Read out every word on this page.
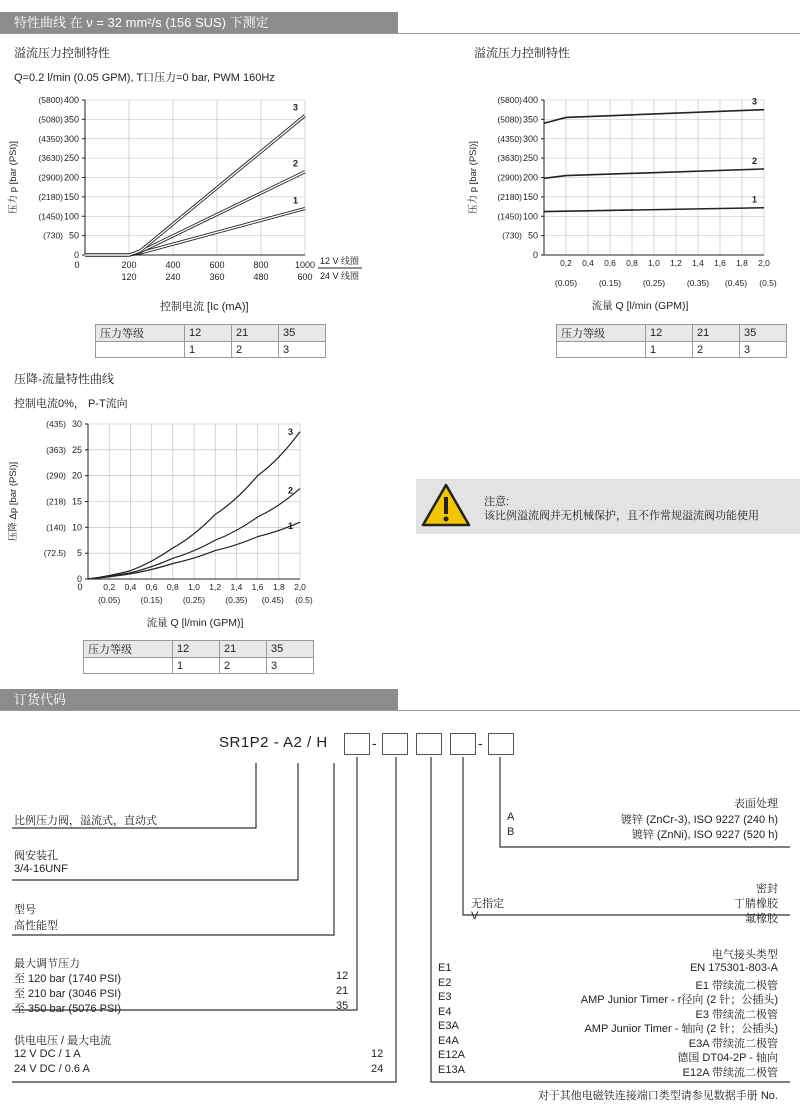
特性曲线 在 ν = 32 mm²/s (156 SUS) 下测定
溢流压力控制特性
Q=0.2 l/min (0.05 GPM), T口压力=0 bar, PWM 160Hz
0
50
100
150
200
250
300
350
400
(730)
(1450)
(2180)
(2900)
(3630)
(4350)
(5080)
(5800)
压力 p [bar (PSI)]	1
2
3
200	400	600	800	1000
120	240	360	480	600
0	12 V 线圈
24 V 线圈
控制电流 [Ic (mA)]
压力等级	12	21	35
	1	2	3
溢流压力控制特性
0
50
100
150
200
250
300
350
400
(730)
(1450)
(2180)
(2900)
(3630)
(4350)
(5080)
(5800)
压力 p [bar (PSI)]	1
2
3
0,2 0,4 0,6 0,8 1,0 1,2 1,4 1,6 1,8 2,0
(0.05)	(0.15)	(0.25)	(0.35) (0.45) (0.5)
流量 Q [l/min (GPM)]
压力等级	12	21	35
	1	2	3
压降-流量特性曲线
控制电流0%， P-T流向
0
5
10
15
20
25
30
(72.5)
(140)
(218)
(290)
(363)
(435)
压降 Δp [bar (PSI)]	1
2
3
0,2 0,4 0,6 0,8 1,0 1,2 1,4 1,6 1,8 2,0
0
(0.05) (0.15) (0.25) (0.35) (0.45) (0.5)
流量 Q [l/min (GPM)]
压力等级	12	21	35
	1	2	3
注意:
该比例溢流阀并无机械保护，且不作常规溢流阀功能使用
订货代码
SR1P2 - A2 / H	-	-
比例压力阀，溢流式，直动式
阀安装孔
3/4-16UNF
型号
高性能型
最大调节压力
至 120 bar (1740 PSI)	12
至 210 bar (3046 PSI)	21
至 350 bar (5076 PSI)	35
供电电压 / 最大电流
12 V DC / 1 A	12
24 V DC / 0.6 A	24
表面处理
A	镀锌 (ZnCr-3), ISO 9227 (240 h)
B	镀锌 (ZnNi), ISO 9227 (520 h)
密封
无指定	丁腈橡胶
V	氟橡胶
电气接头类型
E1	EN 175301-803-A
E2	E1 带续流二极管
E3	AMP Junior Timer - r径向 (2 针；公插头)
E4	E3 带续流二极管
E3A	AMP Junior Timer - 轴向 (2 针；公插头)
E4A	E3A 带续流二极管
E12A	德国 DT04-2P - 轴向
E13A	E12A 带续流二极管
对于其他电磁铁连接端口类型请参见数据手册 No.
